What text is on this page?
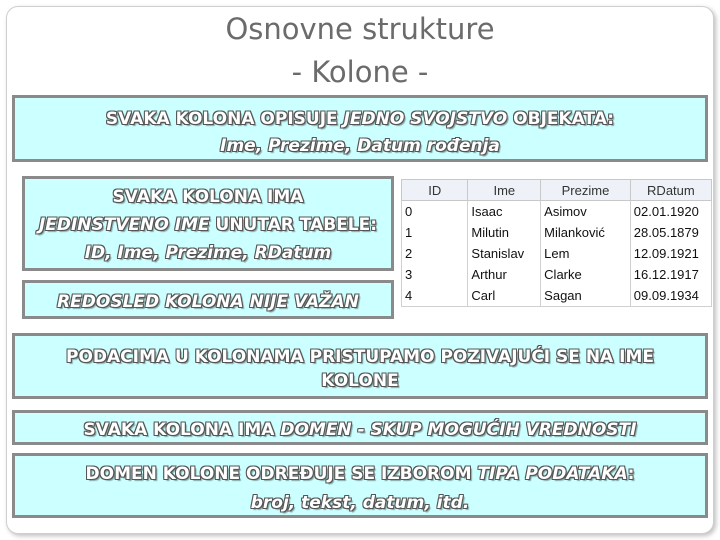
Osnovne strukture
- Kolone -

SVAKA KOLONA OPISUJE JEDNO SVOJSTVO OBJEKATA:

Ime, Prezime, Datum rođenja

SVAKA KOLONA IMA

JEDINSTVENO IME UNUTAR TABELE:

ID, Ime, Prezime, RDatum

REDOSLED KOLONA NIJE VAŽAN

ID	Ime	Prezime	RDatum
0	Isaac	Asimov	02.01.1920
1	Milutin	Milanković	28.05.1879
2	Stanislav	Lem	12.09.1921
3	Arthur	Clarke	16.12.1917
4	Carl	Sagan	09.09.1934

PODACIMA U KOLONAMA PRISTUPAMO POZIVAJUĆI SE NA IME

KOLONE

SVAKA KOLONA IMA DOMEN - SKUP MOGUĆIH VREDNOSTI

DOMEN KOLONE ODREĐUJE SE IZBOROM TIPA PODATAKA:

broj, tekst, datum, itd.
